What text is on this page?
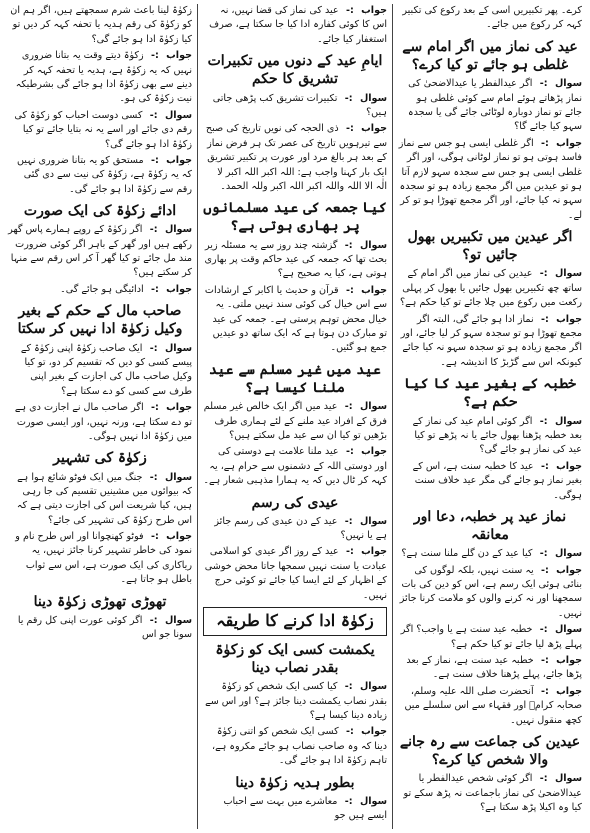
کرے۔ پھر تکبیریں اسی کے بعد رکوع کی تکبیر کہہ کر رکوع میں جائے۔

عید کی نماز میں اگر امام سے غلطی ہو جائے تو کیا کرے؟

سوال :- اگر عیدالفطر یا عیدالاضحیٰ کی نماز پڑھاتے ہوئے امام سے کوئی غلطی ہو جائے تو نماز دوبارہ لوٹائی جائے گی یا سجدہ سہو کیا جائے گا؟

جواب :- اگر غلطی ایسی ہو جس سے نماز فاسد ہوتی ہو تو نماز لوٹانی ہوگی، اور اگر غلطی ایسی ہو جس سے سجدہ سہو لازم آتا ہو تو عیدین میں اگر مجمع زیادہ ہو تو سجدہ سہو نہ کیا جائے، اور اگر مجمع تھوڑا ہو تو کر لے۔

اگر عیدین میں تکبیریں بھول جائیں تو؟

سوال :- عیدین کی نماز میں اگر امام کے ساتھ چھ تکبیریں بھول جائیں یا بھول کر پہلی رکعت میں رکوع میں چلا جائے تو کیا حکم ہے؟

جواب :- نماز ادا ہو جائے گی، البتہ اگر مجمع تھوڑا ہو تو سجدہ سہو کر لیا جائے، اور اگر مجمع زیادہ ہو تو سجدہ سہو نہ کیا جائے کیونکہ اس سے گڑبڑ کا اندیشہ ہے۔

خطبہ کے بغیر عید کا کیا حکم ہے؟

سوال :- اگر کوئی امام عید کی نماز کے بعد خطبہ پڑھنا بھول جائے یا نہ پڑھے تو کیا عید کی نماز ہو جائے گی؟

جواب :- عید کا خطبہ سنت ہے، اس کے بغیر نماز ہو جائے گی مگر عید خلاف سنت ہوگی۔

نماز عید پر خطبہ، دعا اور معانقہ

سوال :- کیا عید کے دن گلے ملنا سنت ہے؟

جواب :- یہ سنت نہیں، بلکہ لوگوں کی بنائی ہوئی ایک رسم ہے، اس کو دین کی بات سمجھنا اور نہ کرنے والوں کو ملامت کرنا جائز نہیں۔

سوال :- خطبہ عید سنت ہے یا واجب؟ اگر پہلے پڑھ لیا جائے تو کیا حکم ہے؟

جواب :- خطبہ عید سنت ہے، نماز کے بعد پڑھا جائے، پہلے پڑھنا خلاف سنت ہے۔

جواب :- آنحضرت صلی اللہ علیہ وسلم، صحابہ کرامؓ اور فقہاء سے اس سلسلے میں کچھ منقول نہیں۔

عیدین کی جماعت سے رہ جانے والا شخص کیا کرے؟

سوال :- اگر کوئی شخص عیدالفطر یا عیدالاضحیٰ کی نماز باجماعت نہ پڑھ سکے تو کیا وہ اکیلا پڑھ سکتا ہے؟

جواب :- عید کی نماز کی قضا نہیں، نہ اس کا کوئی کفارہ ادا کیا جا سکتا ہے، صرف استغفار کیا جائے۔

ایامِ عید کے دنوں میں تکبیرات تشریق کا حکم

سوال :- تکبیرات تشریق کب پڑھی جاتی ہیں؟

جواب :- ذی الحجہ کی نویں تاریخ کی صبح سے تیرہویں تاریخ کی عصر تک ہر فرض نماز کے بعد ہر بالغ مرد اور عورت پر تکبیر تشریق ایک بار کہنا واجب ہے: اللہ اکبر اللہ اکبر لا الٰہ الا اللہ واللہ اکبر اللہ اکبر وللہ الحمد۔

کیا جمعہ کی عید مسلمانوں پر بھاری ہوتی ہے؟

سوال :- گزشتہ چند روز سے یہ مسئلہ زیر بحث تھا کہ جمعہ کی عید حاکم وقت پر بھاری ہوتی ہے، کیا یہ صحیح ہے؟

جواب :- قرآن و حدیث یا اکابر کے ارشادات سے اس خیال کی کوئی سند نہیں ملتی۔ یہ خیال محض توہم پرستی ہے۔ جمعہ کی عید تو مبارک دن ہوتا ہے کہ ایک ساتھ دو عیدیں جمع ہو گئیں۔

عید میں غیر مسلم سے عید ملنا کیسا ہے؟

سوال :- عید میں اگر ایک خالص غیر مسلم فرق کے افراد عید ملنے کے لئے ہماری طرف بڑھیں تو کیا ان سے عید مل سکتے ہیں؟

جواب :- عید ملنا علامت ہے دوستی کی اور دوستی اللہ کے دشمنوں سے حرام ہے، یہ کہہ کر ٹال دیں کہ یہ ہمارا مذہبی شعار ہے۔

عیدی کی رسم

سوال :- عید کے دن عیدی کی رسم جائز ہے یا نہیں؟

جواب :- عید کے روز اگر عیدی کو اسلامی عبادت یا سنت نہیں سمجھا جاتا محض خوشی کے اظہار کے لئے ایسا کیا جائے تو کوئی حرج نہیں۔

زکوٰۃ ادا کرنے کا طریقہ
یکمشت کسی ایک کو زکوٰۃ بقدر نصاب دینا

سوال :- کیا کسی ایک شخص کو زکوٰۃ بقدر نصاب یکمشت دینا جائز ہے؟ اور اس سے زیادہ دینا کیسا ہے؟

جواب :- کسی ایک شخص کو اتنی زکوٰۃ دینا کہ وہ صاحب نصاب ہو جائے مکروہ ہے، تاہم زکوٰۃ ادا ہو جائے گی۔

بطور ہدیہ زکوٰۃ دینا

سوال :- معاشرے میں بہت سے احباب ایسے ہیں جو

زکوٰۃ لینا باعث شرم سمجھتے ہیں، اگر ہم ان کو زکوٰۃ کی رقم ہدیہ یا تحفہ کہہ کر دیں تو کیا زکوٰۃ ادا ہو جائے گی؟

جواب :- زکوٰۃ دیتے وقت یہ بتانا ضروری نہیں کہ یہ زکوٰۃ ہے، ہدیہ یا تحفہ کہہ کر دینے سے بھی زکوٰۃ ادا ہو جائے گی بشرطیکہ نیت زکوٰۃ کی ہو۔

سوال :- کسی دوست احباب کو زکوٰۃ کی رقم دی جائے اور اسے یہ نہ بتایا جائے تو کیا زکوٰۃ ادا ہو جائے گی؟

جواب :- مستحق کو یہ بتانا ضروری نہیں کہ یہ زکوٰۃ ہے، زکوٰۃ کی نیت سے دی گئی رقم سے زکوٰۃ ادا ہو جائے گی۔

ادائے زکوٰۃ کی ایک صورت

سوال :- اگر زکوٰۃ کے روپے ہمارے پاس گھر رکھے ہیں اور گھر کے باہر اگر کوئی ضرورت مند مل جائے تو کیا گھر آ کر اس رقم سے منہا کر سکتے ہیں؟

جواب :- ادائیگی ہو جائے گی۔

صاحب مال کے حکم کے بغیر وکیل زکوٰۃ ادا نہیں کر سکتا

سوال :- ایک صاحب زکوٰۃ اپنی زکوٰۃ کے پیسے کسی کو دیں کہ تقسیم کر دو، تو کیا وکیل صاحب مال کی اجازت کے بغیر اپنی طرف سے کسی کو دے سکتا ہے؟

جواب :- اگر صاحب مال نے اجازت دی ہے تو دے سکتا ہے، ورنہ نہیں، اور ایسی صورت میں زکوٰۃ ادا نہیں ہوگی۔

زکوٰۃ کی تشہیر

سوال :- جنگ میں ایک فوٹو شائع ہوا ہے کہ بیوائوں میں مشینیں تقسیم کی جا رہی ہیں، کیا شریعت اس کی اجازت دیتی ہے کہ اس طرح زکوٰۃ کی تشہیر کی جائے؟

جواب :- فوٹو کھنچوانا اور اس طرح نام و نمود کی خاطر تشہیر کرنا جائز نہیں، یہ ریاکاری کی ایک صورت ہے، اس سے ثواب باطل ہو جاتا ہے۔

تھوڑی تھوڑی زکوٰۃ دینا

سوال :- اگر کوئی عورت اپنی کل رقم یا سونا جو اس
